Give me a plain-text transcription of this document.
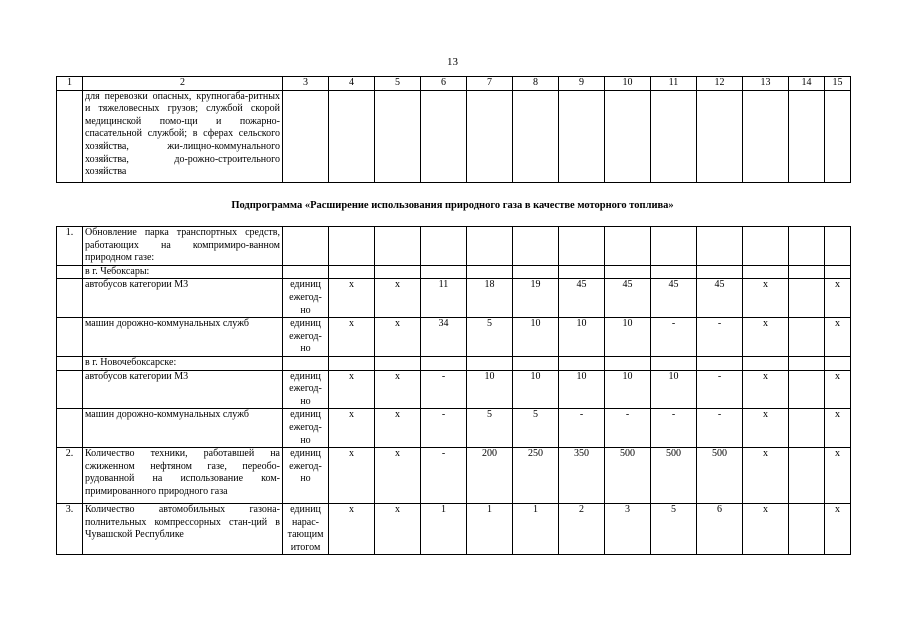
13
1	2	3	4	5	6	7	8	9	10	11	12	13	14	15
	для перевозки опасных, крупногаба-ритных и тяжеловесных грузов; службой скорой медицинской помо-щи и пожарно-спасательной службой; в сферах сельского хозяйства, жи-лищно-коммунального хозяйства, до-рожно-строительного хозяйства													
Подпрограмма «Расширение использования природного газа в качестве моторного топлива»
1.	Обновление парка транспортных средств, работающих на компримиро-ванном природном газе:													
	в г. Чебоксары:													
	автобусов категории М3	единиц ежегод-но	х	х	11	18	19	45	45	45	45	х		х
	машин дорожно-коммунальных служб	единиц ежегод-но	х	х	34	5	10	10	10	-	-	х		х
	в г. Новочебоксарске:													
	автобусов категории М3	единиц ежегод-но	х	х	-	10	10	10	10	10	-	х		х
	машин дорожно-коммунальных служб	единиц ежегод-но	х	х	-	5	5	-	-	-	-	х		х
2.	Количество техники, работавшей на сжиженном нефтяном газе, переобо-рудованной на использование ком-примированного природного газа	единиц ежегод-но	х	х	-	200	250	350	500	500	500	х		х
3.	Количество автомобильных газона-полнительных компрессорных стан-ций в Чувашской Республике	единиц нарас-тающим итогом	х	х	1	1	1	2	3	5	6	х		х
